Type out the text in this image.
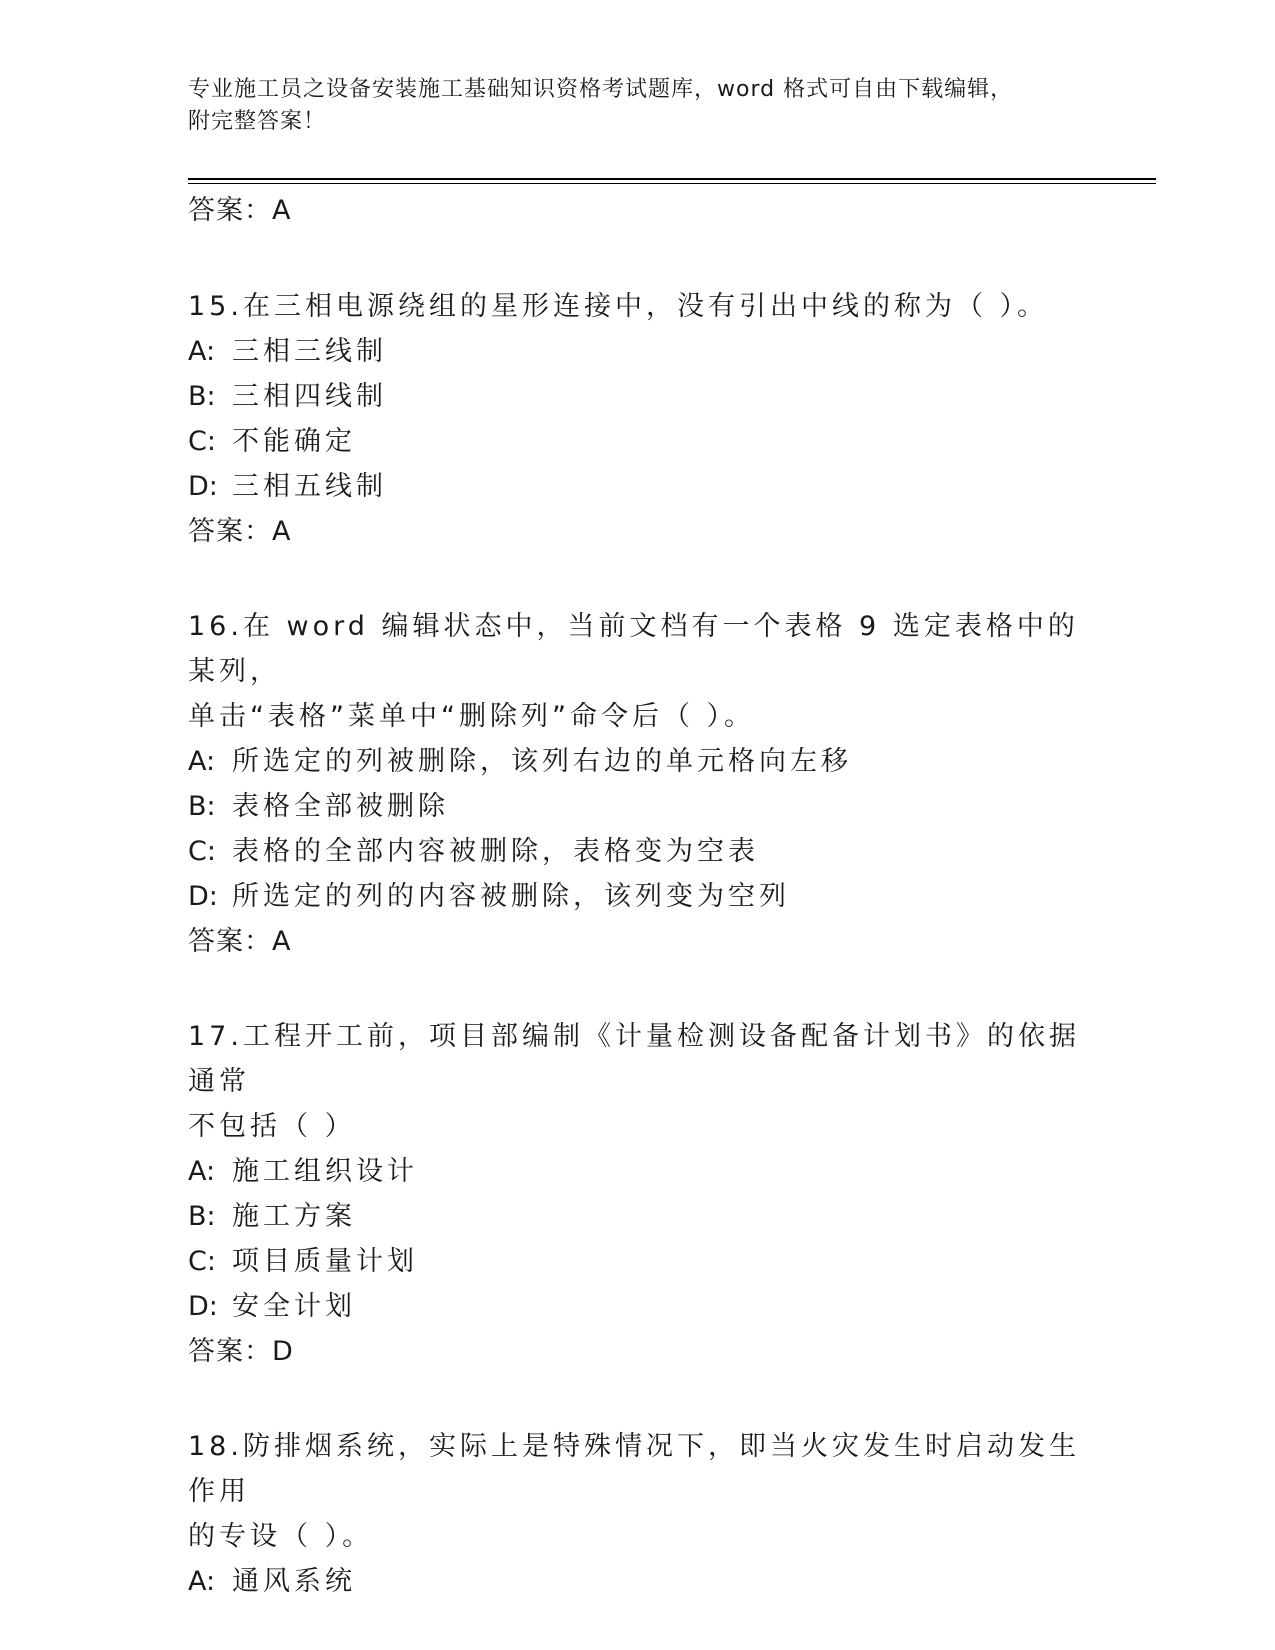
专业施工员之设备安装施工基础知识资格考试题库，word 格式可自由下载编辑，
附完整答案！

答案：A

15.在三相电源绕组的星形连接中，没有引出中线的称为（ ）。

A: 三相三线制

B: 三相四线制

C: 不能确定

D: 三相五线制

答案：A

16.在 word 编辑状态中，当前文档有一个表格 9 选定表格中的某列，

单击“表格”菜单中“删除列”命令后（ ）。

A: 所选定的列被删除，该列右边的单元格向左移

B: 表格全部被删除

C: 表格的全部内容被删除，表格变为空表

D: 所选定的列的内容被删除，该列变为空列

答案：A

17.工程开工前，项目部编制《计量检测设备配备计划书》的依据通常

不包括（ ）

A: 施工组织设计

B: 施工方案

C: 项目质量计划

D: 安全计划

答案：D

18.防排烟系统，实际上是特殊情况下，即当火灾发生时启动发生作用

的专设（ ）。

A: 通风系统
